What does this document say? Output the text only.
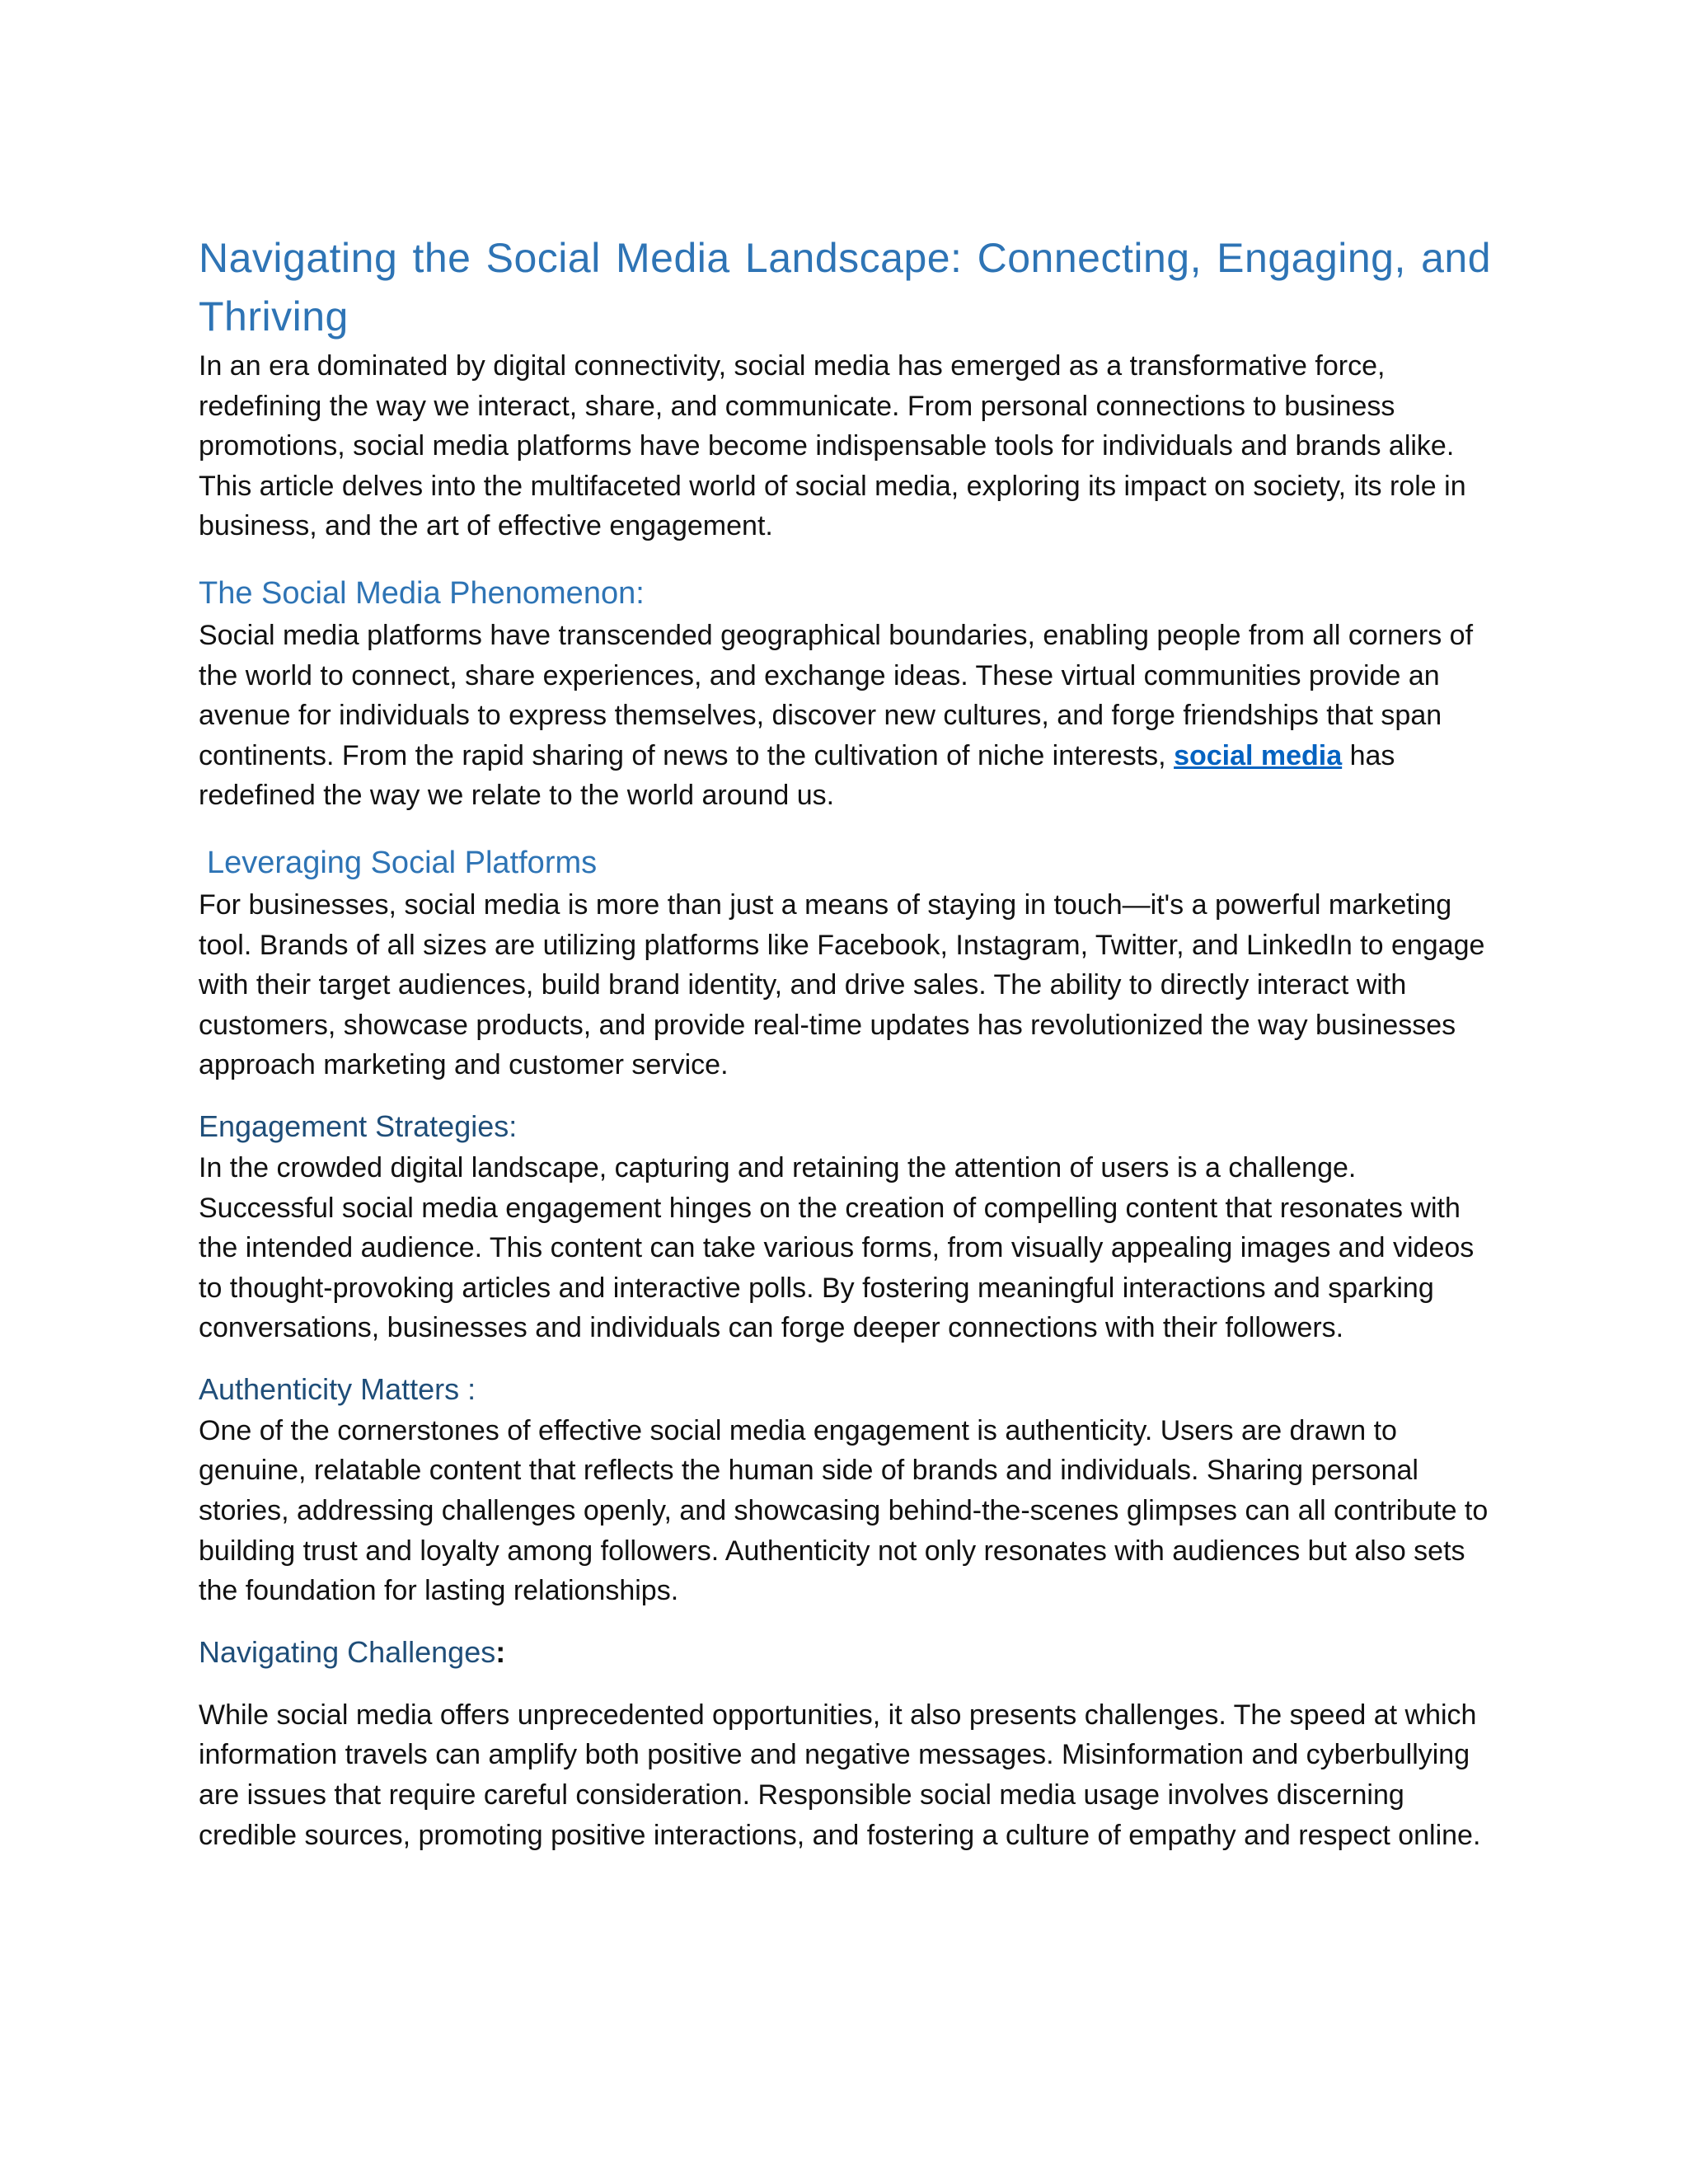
Navigating the Social Media Landscape: Connecting, Engaging, and Thriving

In an era dominated by digital connectivity, social media has emerged as a transformative force, redefining the way we interact, share, and communicate. From personal connections to business promotions, social media platforms have become indispensable tools for individuals and brands alike. This article delves into the multifaceted world of social media, exploring its impact on society, its role in business, and the art of effective engagement.

The Social Media Phenomenon:

Social media platforms have transcended geographical boundaries, enabling people from all corners of the world to connect, share experiences, and exchange ideas. These virtual communities provide an avenue for individuals to express themselves, discover new cultures, and forge friendships that span continents. From the rapid sharing of news to the cultivation of niche interests, social media has redefined the way we relate to the world around us.

Leveraging Social Platforms

For businesses, social media is more than just a means of staying in touch—it's a powerful marketing tool. Brands of all sizes are utilizing platforms like Facebook, Instagram, Twitter, and LinkedIn to engage with their target audiences, build brand identity, and drive sales. The ability to directly interact with customers, showcase products, and provide real-time updates has revolutionized the way businesses approach marketing and customer service.

Engagement Strategies:

In the crowded digital landscape, capturing and retaining the attention of users is a challenge. Successful social media engagement hinges on the creation of compelling content that resonates with the intended audience. This content can take various forms, from visually appealing images and videos to thought-provoking articles and interactive polls. By fostering meaningful interactions and sparking conversations, businesses and individuals can forge deeper connections with their followers.

Authenticity Matters :

One of the cornerstones of effective social media engagement is authenticity. Users are drawn to genuine, relatable content that reflects the human side of brands and individuals. Sharing personal stories, addressing challenges openly, and showcasing behind-the-scenes glimpses can all contribute to building trust and loyalty among followers. Authenticity not only resonates with audiences but also sets the foundation for lasting relationships.

Navigating Challenges:

While social media offers unprecedented opportunities, it also presents challenges. The speed at which information travels can amplify both positive and negative messages. Misinformation and cyberbullying are issues that require careful consideration. Responsible social media usage involves discerning credible sources, promoting positive interactions, and fostering a culture of empathy and respect online.
